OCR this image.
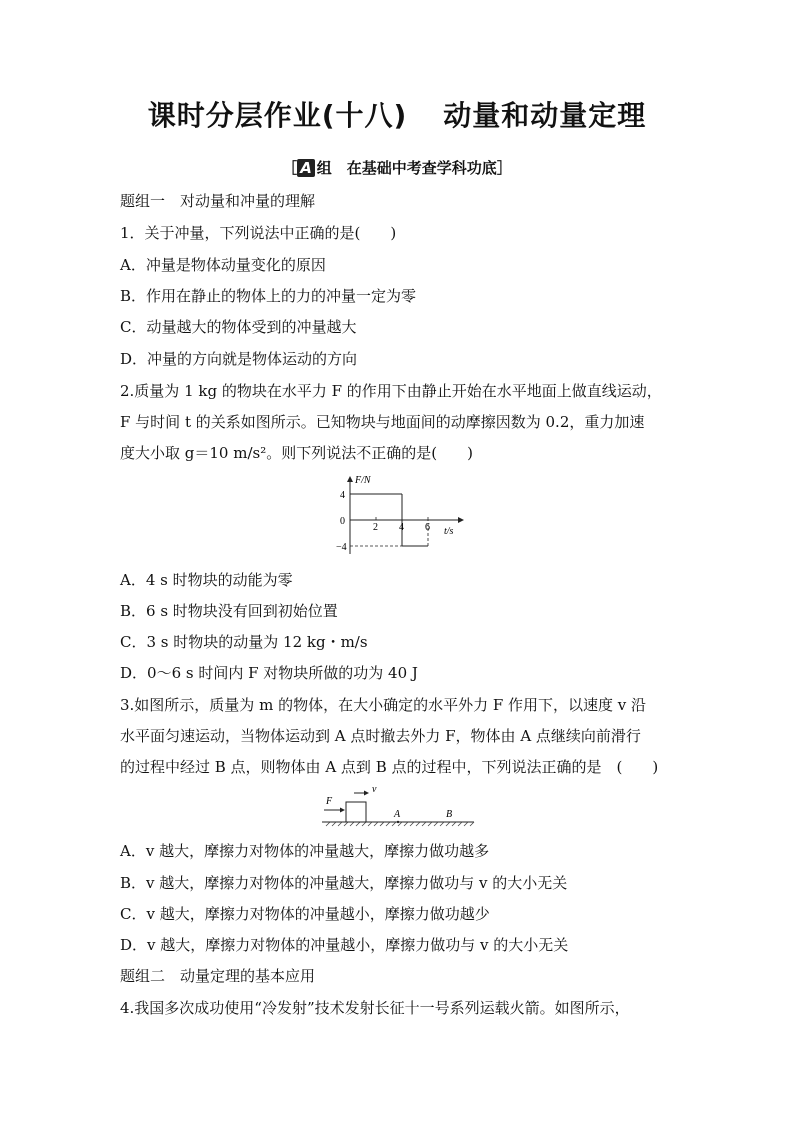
课时分层作业(十八) 动量和动量定理
［ A 组　在基础中考查学科功底］
题组一　对动量和冲量的理解
1．关于冲量，下列说法中正确的是(　　)
A．冲量是物体动量变化的原因
B．作用在静止的物体上的力的冲量一定为零
C．动量越大的物体受到的冲量越大
D．冲量的方向就是物体运动的方向
2.质量为 1 kg 的物块在水平力 F 的作用下由静止开始在水平地面上做直线运动，
F 与时间 t 的关系如图所示。已知物块与地面间的动摩擦因数为 0.2，重力加速
度大小取 g＝10 m/s²。则下列说法不正确的是(　　)
F/N
t/s
2 4 6
4
0
−4
A．4 s 时物块的动能为零
B．6 s 时物块没有回到初始位置
C．3 s 时物块的动量为 12 kg・m/s
D．0～6 s 时间内 F 对物块所做的功为 40 J
3.如图所示，质量为 m 的物体，在大小确定的水平外力 F 作用下，以速度 v 沿
水平面匀速运动，当物体运动到 A 点时撤去外力 F，物体由 A 点继续向前滑行
的过程中经过 B 点，则物体由 A 点到 B 点的过程中，下列说法正确的是　(　　)
F
v
A	B
A．v 越大，摩擦力对物体的冲量越大，摩擦力做功越多
B．v 越大，摩擦力对物体的冲量越大，摩擦力做功与 v 的大小无关
C．v 越大，摩擦力对物体的冲量越小，摩擦力做功越少
D．v 越大，摩擦力对物体的冲量越小，摩擦力做功与 v 的大小无关
题组二　动量定理的基本应用
4.我国多次成功使用“冷发射”技术发射长征十一号系列运载火箭。如图所示，
